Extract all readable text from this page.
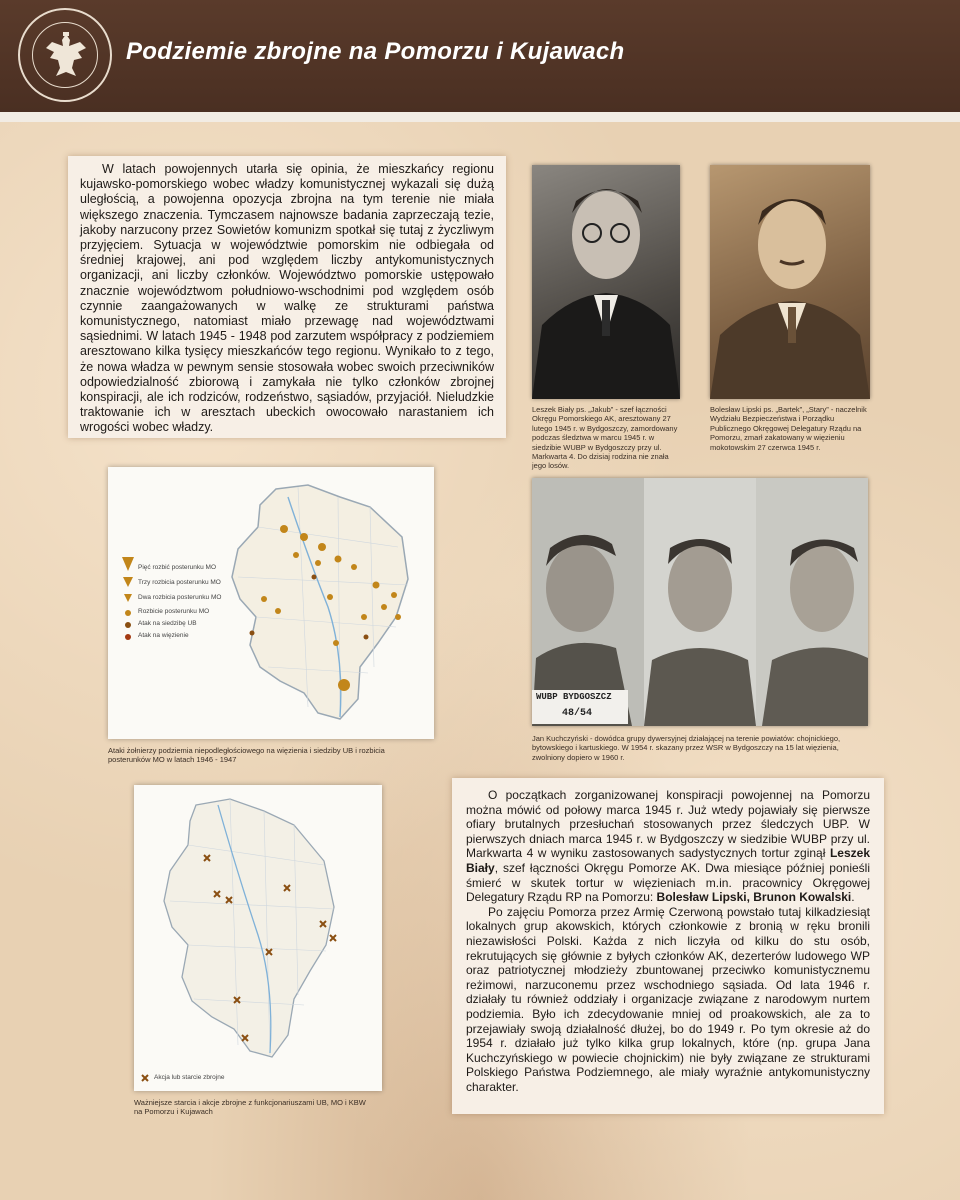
Podziemie zbrojne na Pomorzu i Kujawach

W latach powojennych utarła się opinia, że mieszkańcy regionu kujawsko-pomorskiego wobec władzy komunistycznej wykazali się dużą uległością, a powojenna opozycja zbrojna na tym terenie nie miała większego znaczenia. Tymczasem najnowsze badania zaprzeczają tezie, jakoby narzucony przez Sowietów komunizm spotkał się tutaj z życzliwym przyjęciem. Sytuacja w województwie pomorskim nie odbiegała od średniej krajowej, ani pod względem liczby antykomunistycznych organizacji, ani liczby członków. Województwo pomorskie ustępowało znacznie województwom południowo-wschodnimi pod względem osób czynnie zaangażowanych w walkę ze strukturami państwa komunistycznego, natomiast miało przewagę nad województwami sąsiednimi. W latach 1945 - 1948 pod zarzutem współpracy z podziemiem aresztowano kilka tysięcy mieszkańców tego regionu. Wynikało to z tego, że nowa władza w pewnym sensie stosowała wobec swoich przeciwników odpowiedzialność zbiorową i zamykała nie tylko członków zbrojnej konspiracji, ale ich rodziców, rodzeństwo, sąsiadów, przyjaciół. Nieludzkie traktowanie ich w aresztach ubeckich owocowało narastaniem ich wrogości wobec władzy.

Leszek Biały ps. „Jakub” - szef łączności Okręgu Pomorskiego AK, aresztowany 27 lutego 1945 r. w Bydgoszczy, zamordowany podczas śledztwa w marcu 1945 r. w siedzibie WUBP w Bydgoszczy przy ul. Markwarta 4. Do dzisiaj rodzina nie znała jego losów.
Bolesław Lipski ps. „Bartek”, „Stary” - naczelnik Wydziału Bezpieczeństwa i Porządku Publicznego Okręgowej Delegatury Rządu na Pomorzu, zmarł zakatowany w więzieniu mokotowskim 27 czerwca 1945 r.
Pięć rozbić posterunku MO
Trzy rozbicia posterunku MO
Dwa rozbicia posterunku MO
Rozbicie posterunku MO
Atak na siedzibę UB
Atak na więzienie
Ataki żołnierzy podziemia niepodległościowego na więzienia i siedziby UB i rozbicia posterunków MO w latach 1946 - 1947
WUBP BYDGOSZCZ
48/54
Jan Kuchczyński - dowódca grupy dywersyjnej działającej na terenie powiatów: chojnickiego, bytowskiego i kartuskiego. W 1954 r. skazany przez WSR w Bydgoszczy na 15 lat więzienia, zwolniony dopiero w 1960 r.
Akcja lub starcie zbrojne
Ważniejsze starcia i akcje zbrojne z funkcjonariuszami UB, MO i KBW na Pomorzu i Kujawach

O początkach zorganizowanej konspiracji powojennej na Pomorzu można mówić od połowy marca 1945 r. Już wtedy pojawiały się pierwsze ofiary brutalnych przesłuchań stosowanych przez śledczych UBP. W pierwszych dniach marca 1945 r. w Bydgoszczy w siedzibie WUBP przy ul. Markwarta 4 w wyniku zastosowanych sadystycznych tortur zginął Leszek Biały, szef łączności Okręgu Pomorze AK. Dwa miesiące później ponieśli śmierć w skutek tortur w więzieniach m.in. pracownicy Okręgowej Delegatury Rządu RP na Pomorzu: Bolesław Lipski, Brunon Kowalski.

Po zajęciu Pomorza przez Armię Czerwoną powstało tutaj kilkadziesiąt lokalnych grup akowskich, których członkowie z bronią w ręku bronili niezawisłości Polski. Każda z nich liczyła od kilku do stu osób, rekrutujących się głównie z byłych członków AK, dezerterów ludowego WP oraz patriotycznej młodzieży zbuntowanej przeciwko komunistycznemu reżimowi, narzuconemu przez wschodniego sąsiada. Od lata 1946 r. działały tu również oddziały i organizacje związane z narodowym nurtem podziemia. Było ich zdecydowanie mniej od proakowskich, ale za to przejawiały swoją działalność dłużej, bo do 1949 r. Po tym okresie aż do 1954 r. działało już tylko kilka grup lokalnych, które (np. grupa Jana Kuchczyńskiego w powiecie chojnickim) nie były związane ze strukturami Polskiego Państwa Podziemnego, ale miały wyraźnie antykomunistyczny charakter.
